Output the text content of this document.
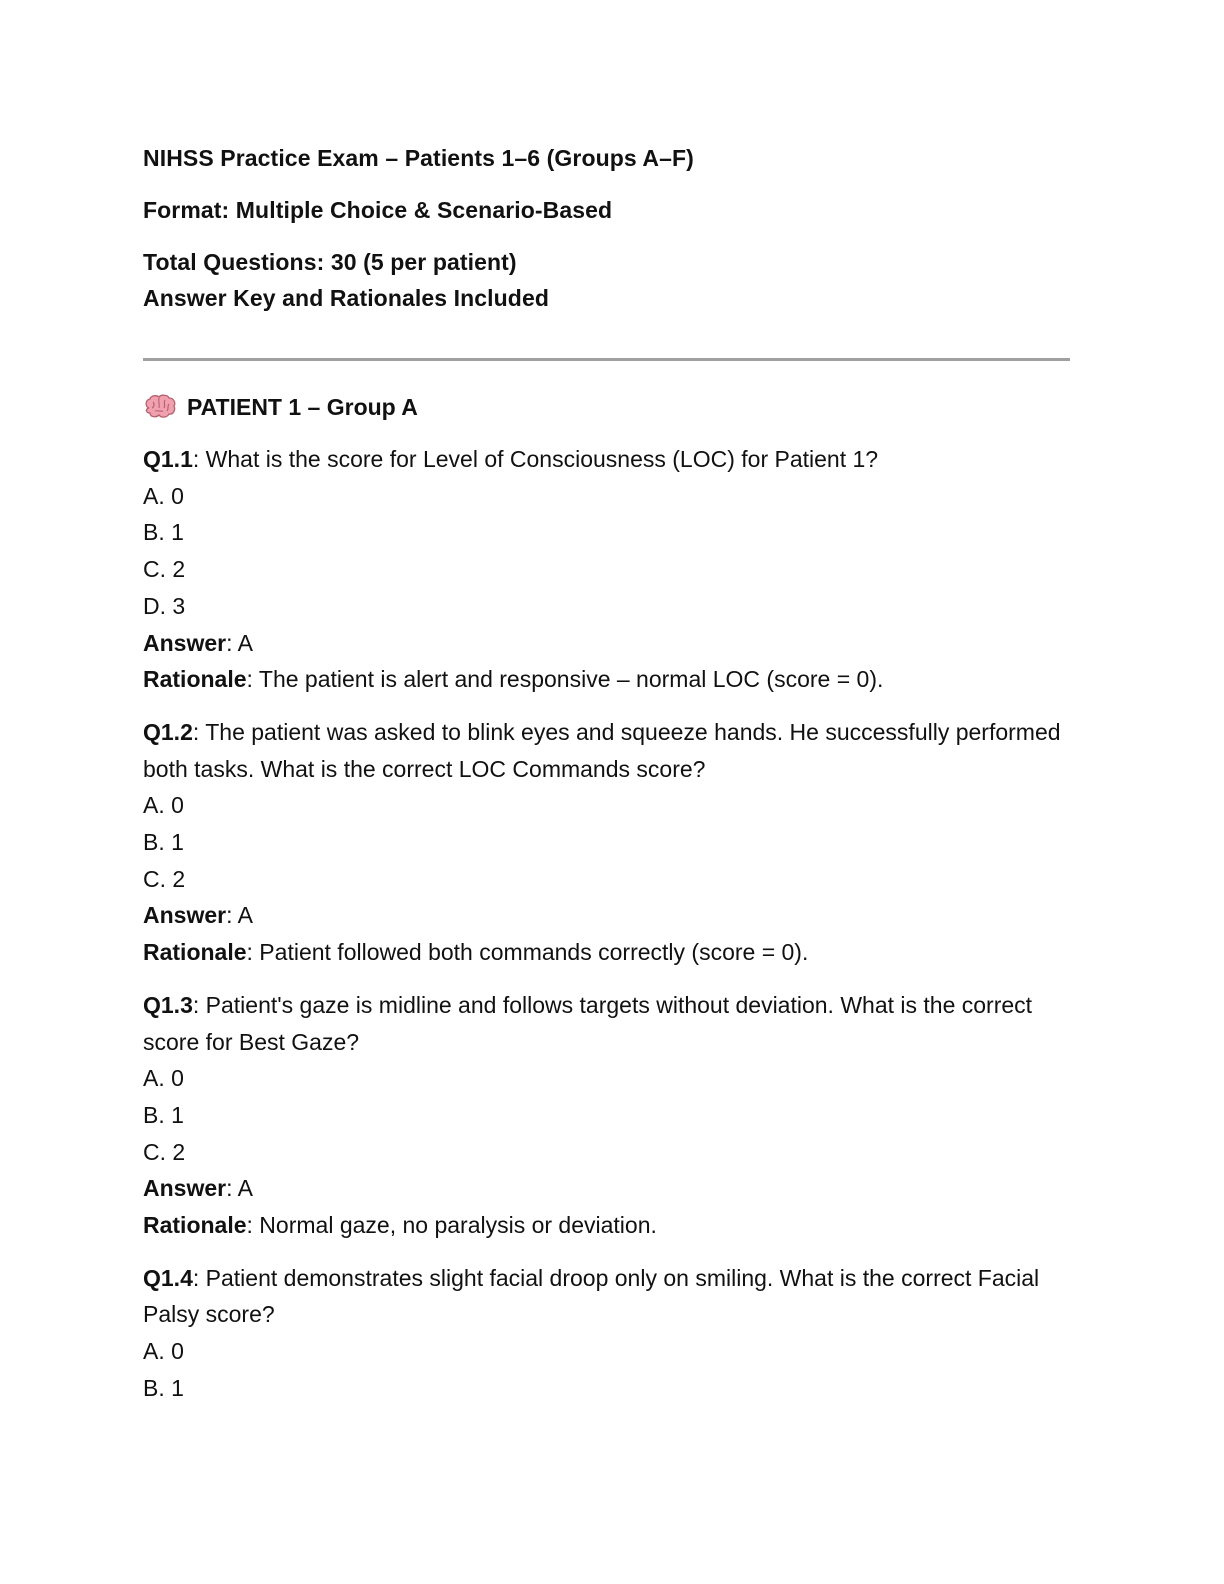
NIHSS Practice Exam – Patients 1–6 (Groups A–F)

Format: Multiple Choice & Scenario-Based

Total Questions: 30 (5 per patient)

Answer Key and Rationales Included

PATIENT 1 – Group A

Q1.1: What is the score for Level of Consciousness (LOC) for Patient 1?

A. 0

B. 1

C. 2

D. 3

Answer: A

Rationale: The patient is alert and responsive – normal LOC (score = 0).

Q1.2: The patient was asked to blink eyes and squeeze hands. He successfully performed both tasks. What is the correct LOC Commands score?

A. 0

B. 1

C. 2

Answer: A

Rationale: Patient followed both commands correctly (score = 0).

Q1.3: Patient's gaze is midline and follows targets without deviation. What is the correct score for Best Gaze?

A. 0

B. 1

C. 2

Answer: A

Rationale: Normal gaze, no paralysis or deviation.

Q1.4: Patient demonstrates slight facial droop only on smiling. What is the correct Facial Palsy score?

A. 0

B. 1
